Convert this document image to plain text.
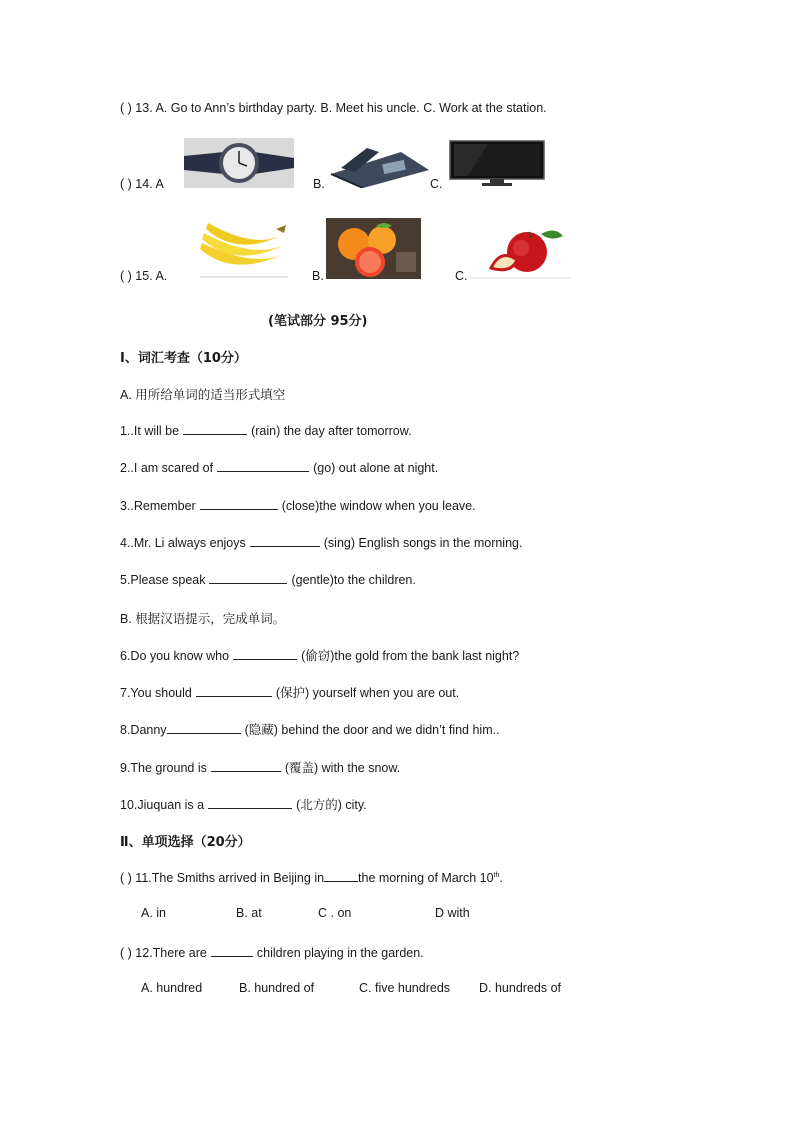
( ) 13. A. Go to Ann’s birthday party. B. Meet his uncle. C. Work at the station.
( ) 14. A	B.	C.
( ) 15. A.	B.	C.
(笔试部分 95分)
Ⅰ、词汇考查（10分）
A. 用所给单词的适当形式填空
1..It will be	(rain) the day after tomorrow.
2..I am scared of	(go) out alone at night.
3..Remember	(close)the window when you leave.
4..Mr. Li always enjoys	(sing) English songs in the morning.
5.Please speak	(gentle)to the children.
B. 根据汉语提示，完成单词。
6.Do you know who	(偷窃)the gold from the bank last night?
7.You should	(保护) yourself when you are out.
8.Danny	(隐藏) behind the door and we didn’t find him..
9.The ground is	(覆盖) with the snow.
10.Jiuquan is a	(北方的) city.
Ⅱ、单项选择（20分）
( ) 11.The Smiths arrived in Beijing in	the morning of March 10th.
A. in	B. at	C . on	D with
( ) 12.There are	children playing in the garden.
A. hundred	B. hundred of	C. five hundreds D. hundreds of
